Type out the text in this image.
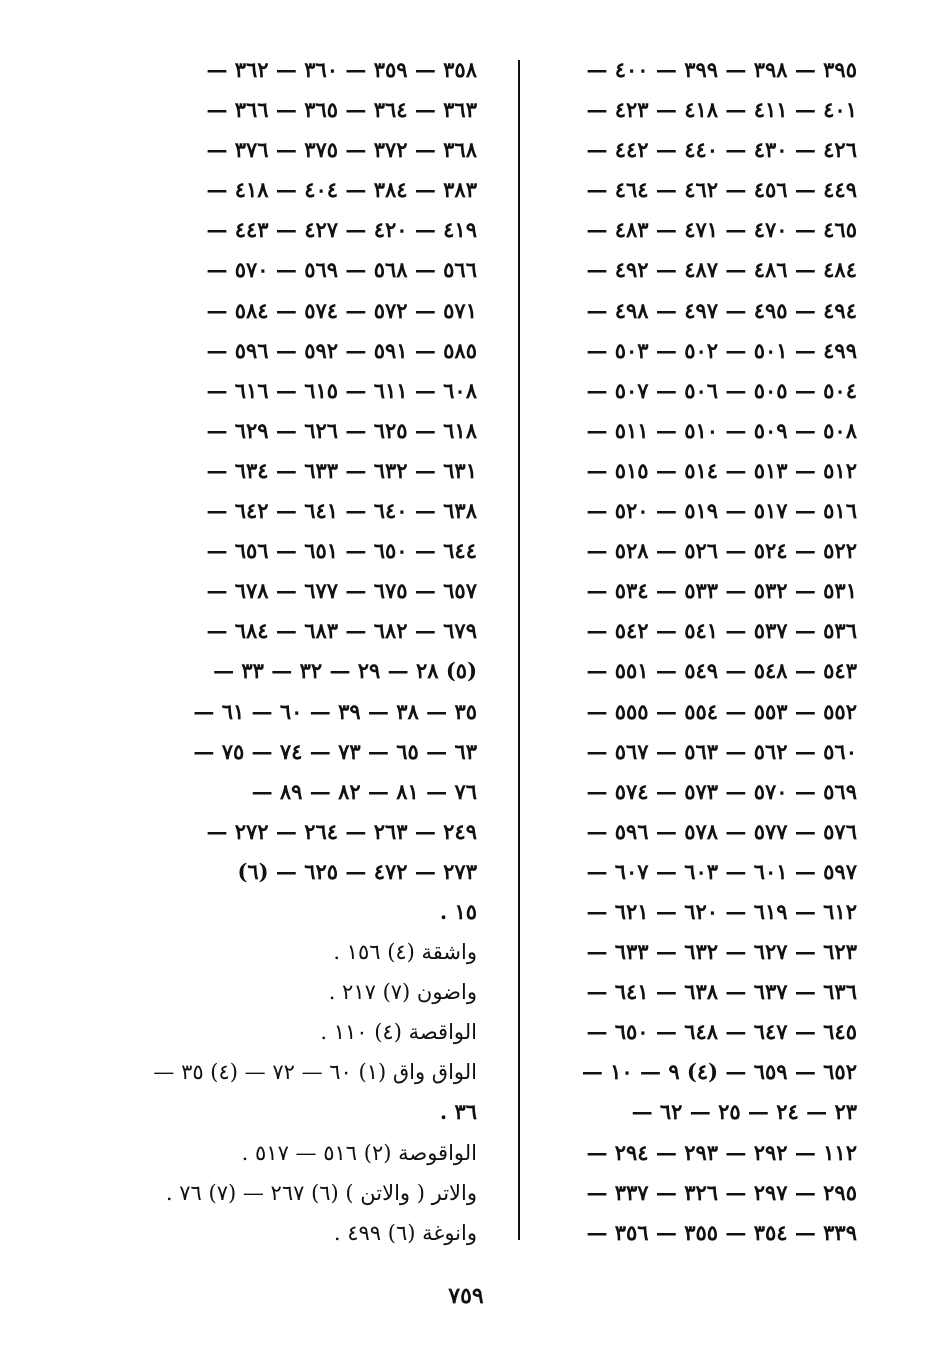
٣٩٥ — ٣٩٨ — ٣٩٩ — ٤٠٠ —
٤٠١ — ٤١١ — ٤١٨ — ٤٢٣ —
٤٢٦ — ٤٣٠ — ٤٤٠ — ٤٤٢ —
٤٤٩ — ٤٥٦ — ٤٦٢ — ٤٦٤ —
٤٦٥ — ٤٧٠ — ٤٧١ — ٤٨٣ —
٤٨٤ — ٤٨٦ — ٤٨٧ — ٤٩٢ —
٤٩٤ — ٤٩٥ — ٤٩٧ — ٤٩٨ —
٤٩٩ — ٥٠١ — ٥٠٢ — ٥٠٣ —
٥٠٤ — ٥٠٥ — ٥٠٦ — ٥٠٧ —
٥٠٨ — ٥٠٩ — ٥١٠ — ٥١١ —
٥١٢ — ٥١٣ — ٥١٤ — ٥١٥ —
٥١٦ — ٥١٧ — ٥١٩ — ٥٢٠ —
٥٢٢ — ٥٢٤ — ٥٢٦ — ٥٢٨ —
٥٣١ — ٥٣٢ — ٥٣٣ — ٥٣٤ —
٥٣٦ — ٥٣٧ — ٥٤١ — ٥٤٢ —
٥٤٣ — ٥٤٨ — ٥٤٩ — ٥٥١ —
٥٥٢ — ٥٥٣ — ٥٥٤ — ٥٥٥ —
٥٦٠ — ٥٦٢ — ٥٦٣ — ٥٦٧ —
٥٦٩ — ٥٧٠ — ٥٧٣ — ٥٧٤ —
٥٧٦ — ٥٧٧ — ٥٧٨ — ٥٩٦ —
٥٩٧ — ٦٠١ — ٦٠٣ — ٦٠٧ —
٦١٢ — ٦١٩ — ٦٢٠ — ٦٢١ —
٦٢٣ — ٦٢٧ — ٦٣٢ — ٦٣٣ —
٦٣٦ — ٦٣٧ — ٦٣٨ — ٦٤١ —
٦٤٥ — ٦٤٧ — ٦٤٨ — ٦٥٠ —
٦٥٢ — ٦٥٩ — (٤) ٩ — ١٠ —
٢٣ — ٢٤ — ٢٥ — ٦٢ —
١١٢ — ٢٩٢ — ٢٩٣ — ٢٩٤ —
٢٩٥ — ٢٩٧ — ٣٢٦ — ٣٣٧ —
٣٣٩ — ٣٥٤ — ٣٥٥ — ٣٥٦ —
٣٥٨ — ٣٥٩ — ٣٦٠ — ٣٦٢ —
٣٦٣ — ٣٦٤ — ٣٦٥ — ٣٦٦ —
٣٦٨ — ٣٧٢ — ٣٧٥ — ٣٧٦ —
٣٨٣ — ٣٨٤ — ٤٠٤ — ٤١٨ —
٤١٩ — ٤٢٠ — ٤٢٧ — ٤٤٣ —
٥٦٦ — ٥٦٨ — ٥٦٩ — ٥٧٠ —
٥٧١ — ٥٧٢ — ٥٧٤ — ٥٨٤ —
٥٨٥ — ٥٩١ — ٥٩٢ — ٥٩٦ —
٦٠٨ — ٦١١ — ٦١٥ — ٦١٦ —
٦١٨ — ٦٢٥ — ٦٢٦ — ٦٢٩ —
٦٣١ — ٦٣٢ — ٦٣٣ — ٦٣٤ —
٦٣٨ — ٦٤٠ — ٦٤١ — ٦٤٢ —
٦٤٤ — ٦٥٠ — ٦٥١ — ٦٥٦ —
٦٥٧ — ٦٧٥ — ٦٧٧ — ٦٧٨ —
٦٧٩ — ٦٨٢ — ٦٨٣ — ٦٨٤ —
(٥) ٢٨ — ٢٩ — ٣٢ — ٣٣ —
٣٥ — ٣٨ — ٣٩ — ٦٠ — ٦١ —
٦٣ — ٦٥ — ٧٣ — ٧٤ — ٧٥ —
٧٦ — ٨١ — ٨٢ — ٨٩ —
٢٤٩ — ٢٦٣ — ٢٦٤ — ٢٧٢ —
٢٧٣ — ٤٧٢ — ٦٢٥ — (٦)
١٥ .
واشقة (٤) ١٥٦ .
واضون (٧) ٢١٧ .
الواقصة (٤) ١١٠ .
الواق واق (١) ٦٠ — ٧٢ — (٤) ٣٥ —
٣٦ .
الواقوصة (٢) ٥١٦ — ٥١٧ .
والاتر ( والاتن ) (٦) ٢٦٧ — (٧) ٧٦ .
وانوغة (٦) ٤٩٩ .
٧٥٩
